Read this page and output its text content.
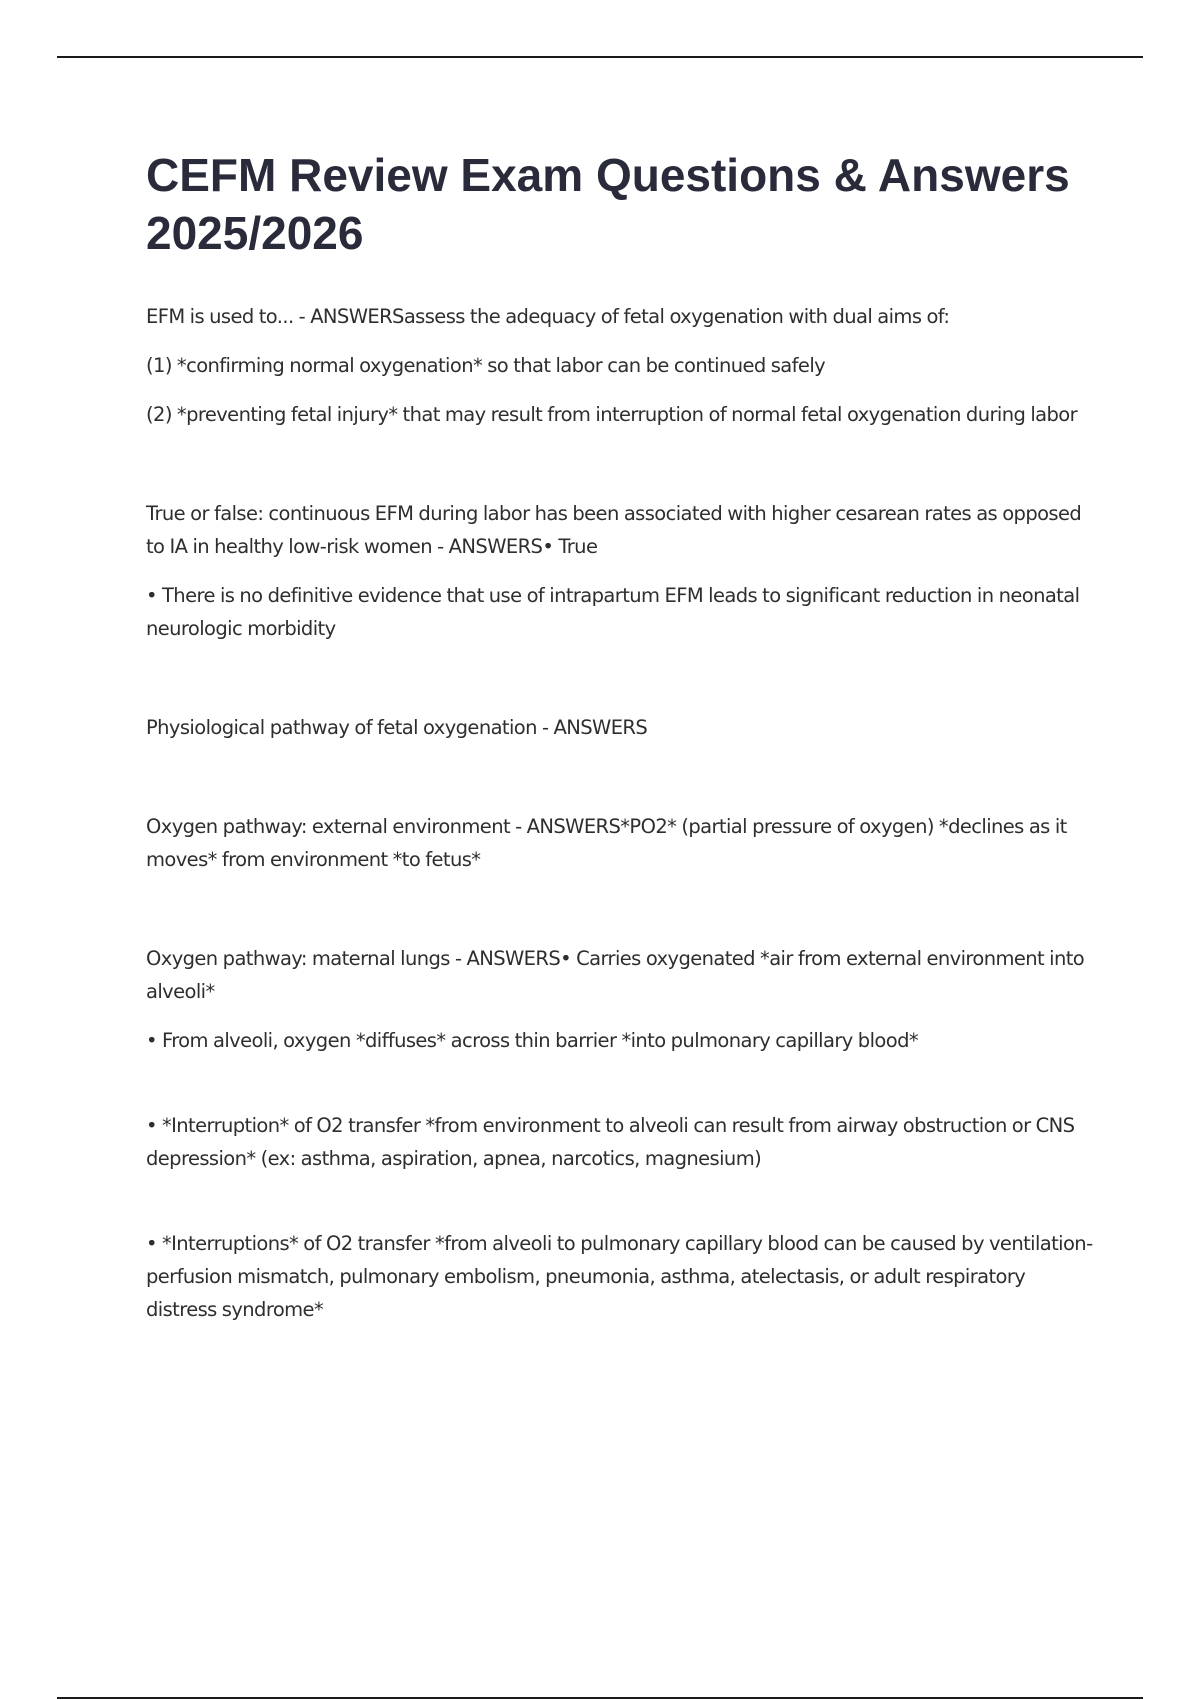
CEFM Review Exam Questions & Answers 2025/2026

EFM is used to... - ANSWERSassess the adequacy of fetal oxygenation with dual aims of:

(1) *confirming normal oxygenation* so that labor can be continued safely

(2) *preventing fetal injury* that may result from interruption of normal fetal oxygenation during labor

True or false: continuous EFM during labor has been associated with higher cesarean rates as opposed to IA in healthy low-risk women - ANSWERS• True

• There is no definitive evidence that use of intrapartum EFM leads to significant reduction in neonatal neurologic morbidity

Physiological pathway of fetal oxygenation - ANSWERS

Oxygen pathway: external environment - ANSWERS*PO2* (partial pressure of oxygen) *declines as it moves* from environment *to fetus*

Oxygen pathway: maternal lungs - ANSWERS• Carries oxygenated *air from external environment into alveoli*

• From alveoli, oxygen *diffuses* across thin barrier *into pulmonary capillary blood*

• *Interruption* of O2 transfer *from environment to alveoli can result from airway obstruction or CNS depression* (ex: asthma, aspiration, apnea, narcotics, magnesium)

• *Interruptions* of O2 transfer *from alveoli to pulmonary capillary blood can be caused by ventilation-perfusion mismatch, pulmonary embolism, pneumonia, asthma, atelectasis, or adult respiratory distress syndrome*
